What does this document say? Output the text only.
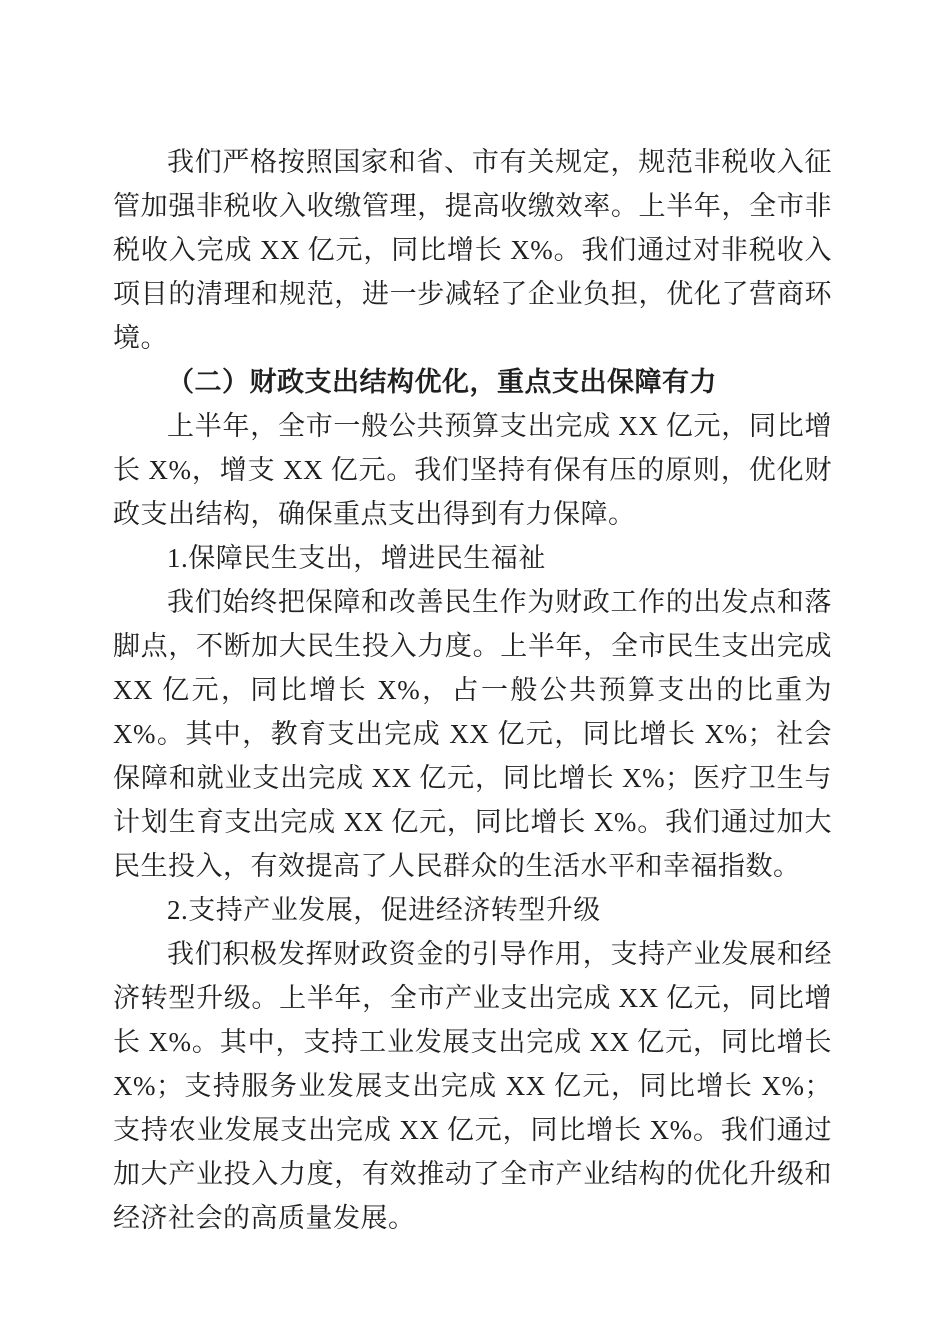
我们严格按照国家和省、市有关规定，规范非税收入征管加强非税收入收缴管理，提高收缴效率。上半年，全市非税收入完成 XX 亿元，同比增长 X%。我们通过对非税收入项目的清理和规范，进一步减轻了企业负担，优化了营商环境。

（二）财政支出结构优化，重点支出保障有力

上半年，全市一般公共预算支出完成 XX 亿元，同比增长 X%，增支 XX 亿元。我们坚持有保有压的原则，优化财政支出结构，确保重点支出得到有力保障。

1.保障民生支出，增进民生福祉

我们始终把保障和改善民生作为财政工作的出发点和落脚点，不断加大民生投入力度。上半年，全市民生支出完成 XX 亿元，同比增长 X%，占一般公共预算支出的比重为 X%。其中，教育支出完成 XX 亿元，同比增长 X%；社会保障和就业支出完成 XX 亿元，同比增长 X%；医疗卫生与计划生育支出完成 XX 亿元，同比增长 X%。我们通过加大民生投入，有效提高了人民群众的生活水平和幸福指数。

2.支持产业发展，促进经济转型升级

我们积极发挥财政资金的引导作用，支持产业发展和经济转型升级。上半年，全市产业支出完成 XX 亿元，同比增长 X%。其中，支持工业发展支出完成 XX 亿元，同比增长 X%；支持服务业发展支出完成 XX 亿元，同比增长 X%；支持农业发展支出完成 XX 亿元，同比增长 X%。我们通过加大产业投入力度，有效推动了全市产业结构的优化升级和经济社会的高质量发展。
